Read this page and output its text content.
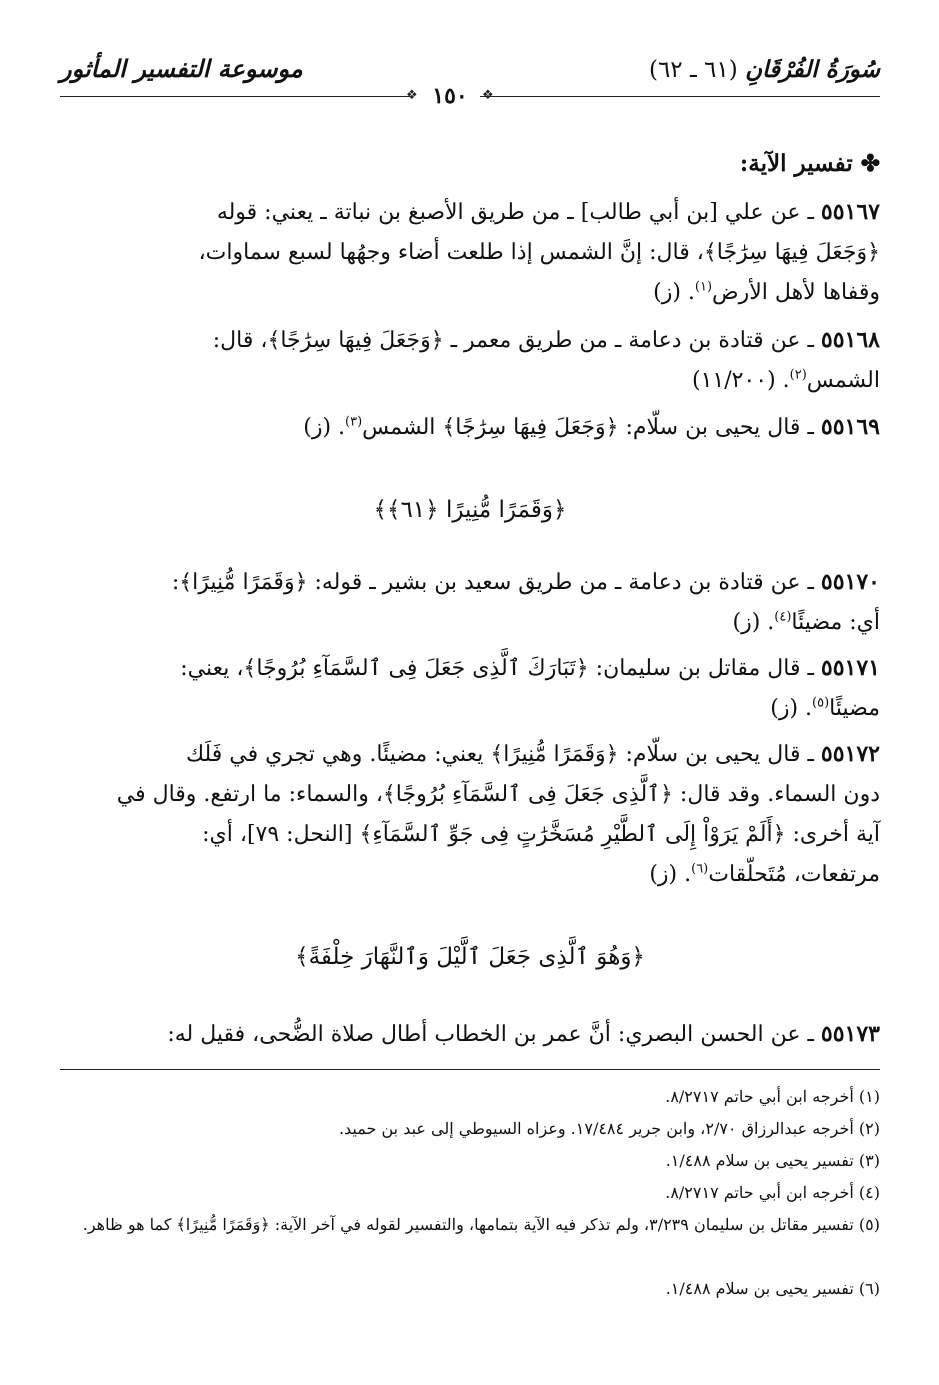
سُورَةُ الفُرْقَانِ (٦١ ـ ٦٢)
موسوعة التفسير المأثور
❖ ١٥٠	❖
✤ تفسير الآية:
٥٥١٦٧ ـ عن علي [بن أبي طالب] ـ من طريق الأصبغ بن نباتة ـ يعني: قوله
﴿وَجَعَلَ فِيهَا سِرَٰجًا﴾، قال: إنَّ الشمس إذا طلعت أضاء وجهُها لسبع سماوات،
وقفاها لأهل الأرض$^{(١)}$. (ز)
٥٥١٦٨ ـ عن قتادة بن دعامة ـ من طريق معمر ـ ﴿وَجَعَلَ فِيهَا سِرَٰجًا﴾، قال:
الشمس$^{(٢)}$. (١١/٢٠٠)
٥٥١٦٩ ـ قال يحيى بن سلّام: ﴿وَجَعَلَ فِيهَا سِرَٰجًا﴾ الشمس$^{(٣)}$. (ز)
﴿وَقَمَرًا مُّنِيرًا ﴿٦١﴾﴾
٥٥١٧٠ ـ عن قتادة بن دعامة ـ من طريق سعيد بن بشير ـ قوله: ﴿وَقَمَرًا مُّنِيرًا﴾:
أي: مضيئًا$^{(٤)}$. (ز)
٥٥١٧١ ـ قال مقاتل بن سليمان: ﴿تَبَارَكَ ٱلَّذِى جَعَلَ فِى ٱلسَّمَآءِ بُرُوجًا﴾، يعني:
مضيئًا$^{(٥)}$. (ز)
٥٥١٧٢ ـ قال يحيى بن سلّام: ﴿وَقَمَرًا مُّنِيرًا﴾ يعني: مضيئًا. وهي تجري في فَلَك
دون السماء. وقد قال: ﴿ٱلَّذِى جَعَلَ فِى ٱلسَّمَآءِ بُرُوجًا﴾، والسماء: ما ارتفع. وقال في
آية أخرى: ﴿أَلَمْ يَرَوْاْ إِلَى ٱلطَّيْرِ مُسَخَّرَٰتٍ فِى جَوِّ ٱلسَّمَآءِ﴾ [النحل: ٧٩]، أي:
مرتفعات، مُتَحلّقات$^{(٦)}$. (ز)
﴿وَهُوَ ٱلَّذِى جَعَلَ ٱلَّيْلَ وَٱلنَّهَارَ خِلْفَةً﴾
٥٥١٧٣ ـ عن الحسن البصري: أنَّ عمر بن الخطاب أطال صلاة الضُّحى، فقيل له:
(١) أخرجه ابن أبي حاتم ٨/٢٧١٧.
(٢) أخرجه عبدالرزاق ٢/٧٠، وابن جرير ١٧/٤٨٤. وعزاه السيوطي إلى عبد بن حميد.
(٣) تفسير يحيى بن سلام ١/٤٨٨.
(٤) أخرجه ابن أبي حاتم ٨/٢٧١٧.
(٥) تفسير مقاتل بن سليمان ٣/٢٣٩، ولم تذكر فيه الآية بتمامها، والتفسير لقوله في آخر الآية: ﴿وَقَمَرًا مُّنِيرًا﴾ كما هو ظاهر.
(٦) تفسير يحيى بن سلام ١/٤٨٨.
